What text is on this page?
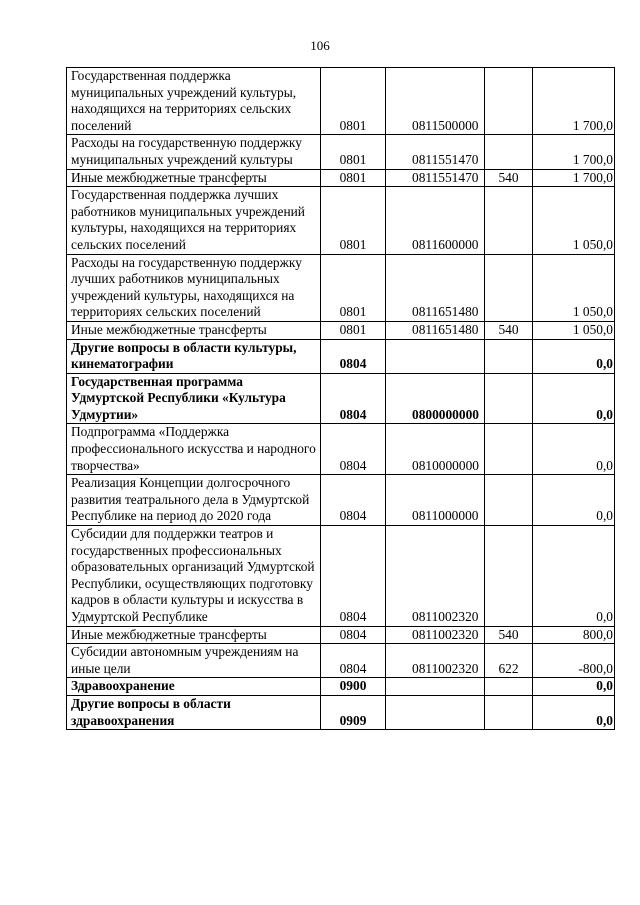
106
Государственная поддержка муниципальных учреждений культуры, находящихся на территориях сельских поселений	0801	0811500000		1 700,0
Расходы на государственную поддержку муниципальных учреждений культуры	0801	0811551470		1 700,0
Иные межбюджетные трансферты	0801	0811551470	540	1 700,0
Государственная поддержка лучших работников муниципальных учреждений культуры, находящихся на территориях сельских поселений	0801	0811600000		1 050,0
Расходы на государственную поддержку лучших работников муниципальных учреждений культуры, находящихся на территориях сельских поселений	0801	0811651480		1 050,0
Иные межбюджетные трансферты	0801	0811651480	540	1 050,0
Другие вопросы в области культуры, кинематографии	0804			0,0
Государственная программа Удмуртской Республики «Культура Удмуртии»	0804	0800000000		0,0
Подпрограмма «Поддержка профессионального искусства и народного творчества»	0804	0810000000		0,0
Реализация Концепции долгосрочного развития театрального дела в Удмуртской Республике на период до 2020 года	0804	0811000000		0,0
Субсидии для поддержки театров и государственных профессиональных образовательных организаций Удмуртской Республики, осуществляющих подготовку кадров в области культуры и искусства в Удмуртской Республике	0804	0811002320		0,0
Иные межбюджетные трансферты	0804	0811002320	540	800,0
Субсидии автономным учреждениям на иные цели	0804	0811002320	622	-800,0
Здравоохранение	0900			0,0
Другие вопросы в области здравоохранения	0909			0,0
